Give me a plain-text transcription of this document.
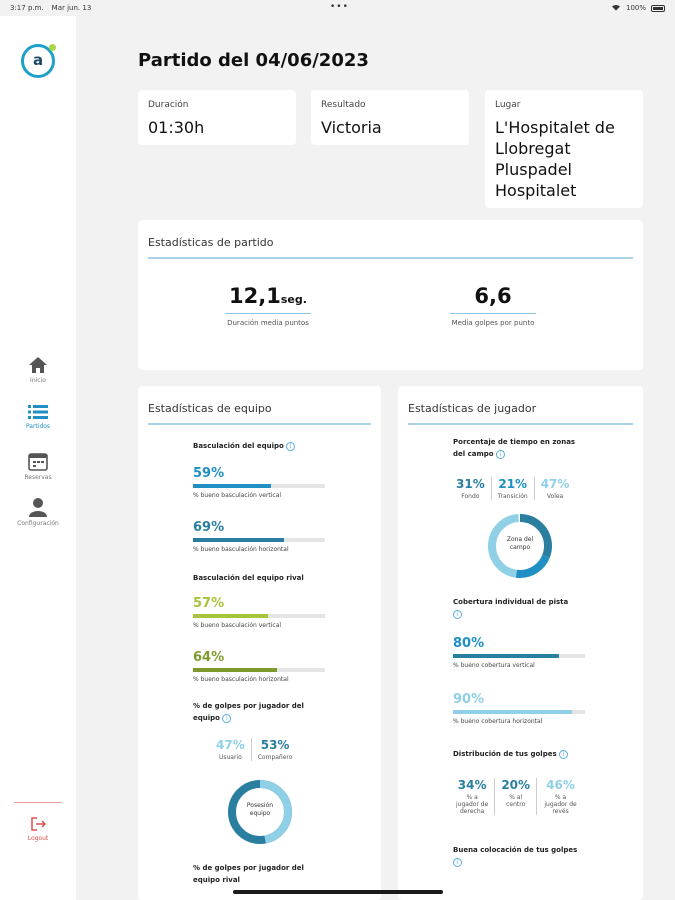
3:17 p.m. Mar jun. 13	•••	100%
a
Inicio
Partidos
Reservas
Configuración
Logout
Partido del 04/06/2023
Duración
01:30h
Resultado
Victoria
Lugar
L'Hospitalet de
Llobregat
Pluspadel
Hospitalet
Estadísticas de partido
12,1seg.
Duración media puntos
6,6
Media golpes por punto
Estadísticas de equipo
Basculación del equipo i
59%
% bueno basculación vertical
69%
% bueno basculación horizontal
Basculación del equipo rival
57%
% bueno basculación vertical
64%
% bueno basculación horizontal
% de golpes por jugador del
equipo i
47%
Usuario
53%
Compañero
Posesión
equipo
% de golpes por jugador del
equipo rival
Estadísticas de jugador
Porcentaje de tiempo en zonas
del campo i
31%
Fondo
21%
Transición
47%
Volea
Zona del
campo
Cobertura individual de pista
i
80%
% bueno cobertura vertical
90%
% bueno cobertura horizontal
Distribución de tus golpes i
34%
% a
jugador de
derecha
20%
% al
centro
46%
% a
jugador de revés
Buena colocación de tus golpes
i
